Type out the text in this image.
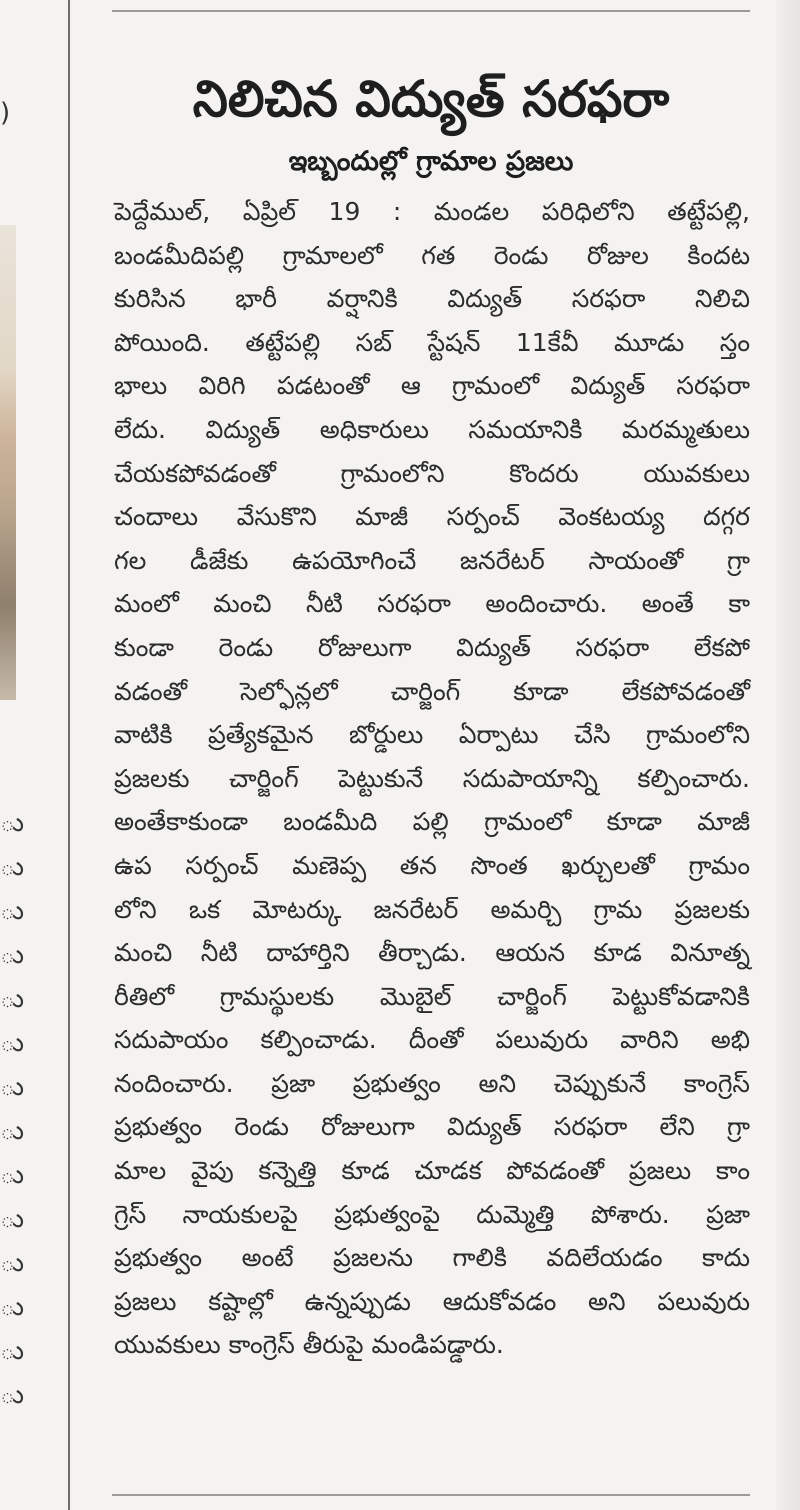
)
ు
ు
ు
ు
ు
ు
ు
ు
ు
ు
ు
ు
ు
ు
నిలిచిన విద్యుత్ సరఫరా
ఇబ్బందుల్లో గ్రామాల ప్రజలు
పెద్దేముల్, ఏప్రిల్ 19 : మండల పరిధిలోని తట్టేపల్లి,
బండమీదిపల్లి గ్రామాలలో గత రెండు రోజుల కిందట
కురిసిన భారీ వర్షానికి విద్యుత్ సరఫరా నిలిచి
పోయింది. తట్టేపల్లి సబ్ స్టేషన్ 11కేవీ మూడు స్తం
భాలు విరిగి పడటంతో ఆ గ్రామంలో విద్యుత్ సరఫరా
లేదు. విద్యుత్ అధికారులు సమయానికి మరమ్మతులు
చేయకపోవడంతో గ్రామంలోని కొందరు యువకులు
చందాలు వేసుకొని మాజీ సర్పంచ్ వెంకటయ్య దగ్గర
గల డీజేకు ఉపయోగించే జనరేటర్ సాయంతో గ్రా
మంలో మంచి నీటి సరఫరా అందించారు. అంతే కా
కుండా రెండు రోజులుగా విద్యుత్ సరఫరా లేకపో
వడంతో సెల్ఫోన్లలో చార్జింగ్ కూడా లేకపోవడంతో
వాటికి ప్రత్యేకమైన బోర్డులు ఏర్పాటు చేసి గ్రామంలోని
ప్రజలకు చార్జింగ్ పెట్టుకునే సదుపాయాన్ని కల్పించారు.
అంతేకాకుండా బండమీది పల్లి గ్రామంలో కూడా మాజీ
ఉప సర్పంచ్ మణెప్ప తన సొంత ఖర్చులతో గ్రామం
లోని ఒక మోటర్కు జనరేటర్ అమర్చి గ్రామ ప్రజలకు
మంచి నీటి దాహార్తిని తీర్చాడు. ఆయన కూడ వినూత్న
రీతిలో గ్రామస్థులకు మొబైల్ చార్జింగ్ పెట్టుకోవడానికి
సదుపాయం కల్పించాడు. దీంతో పలువురు వారిని అభి
నందించారు. ప్రజా ప్రభుత్వం అని చెప్పుకునే కాంగ్రెస్
ప్రభుత్వం రెండు రోజులుగా విద్యుత్ సరఫరా లేని గ్రా
మాల వైపు కన్నెత్తి కూడ చూడక పోవడంతో ప్రజలు కాం
గ్రెస్ నాయకులపై ప్రభుత్వంపై దుమ్మెత్తి పోశారు. ప్రజా
ప్రభుత్వం అంటే ప్రజలను గాలికి వదిలేయడం కాదు
ప్రజలు కష్టాల్లో ఉన్నప్పుడు ఆదుకోవడం అని పలువురు
యువకులు కాంగ్రెస్ తీరుపై మండిపడ్డారు.
